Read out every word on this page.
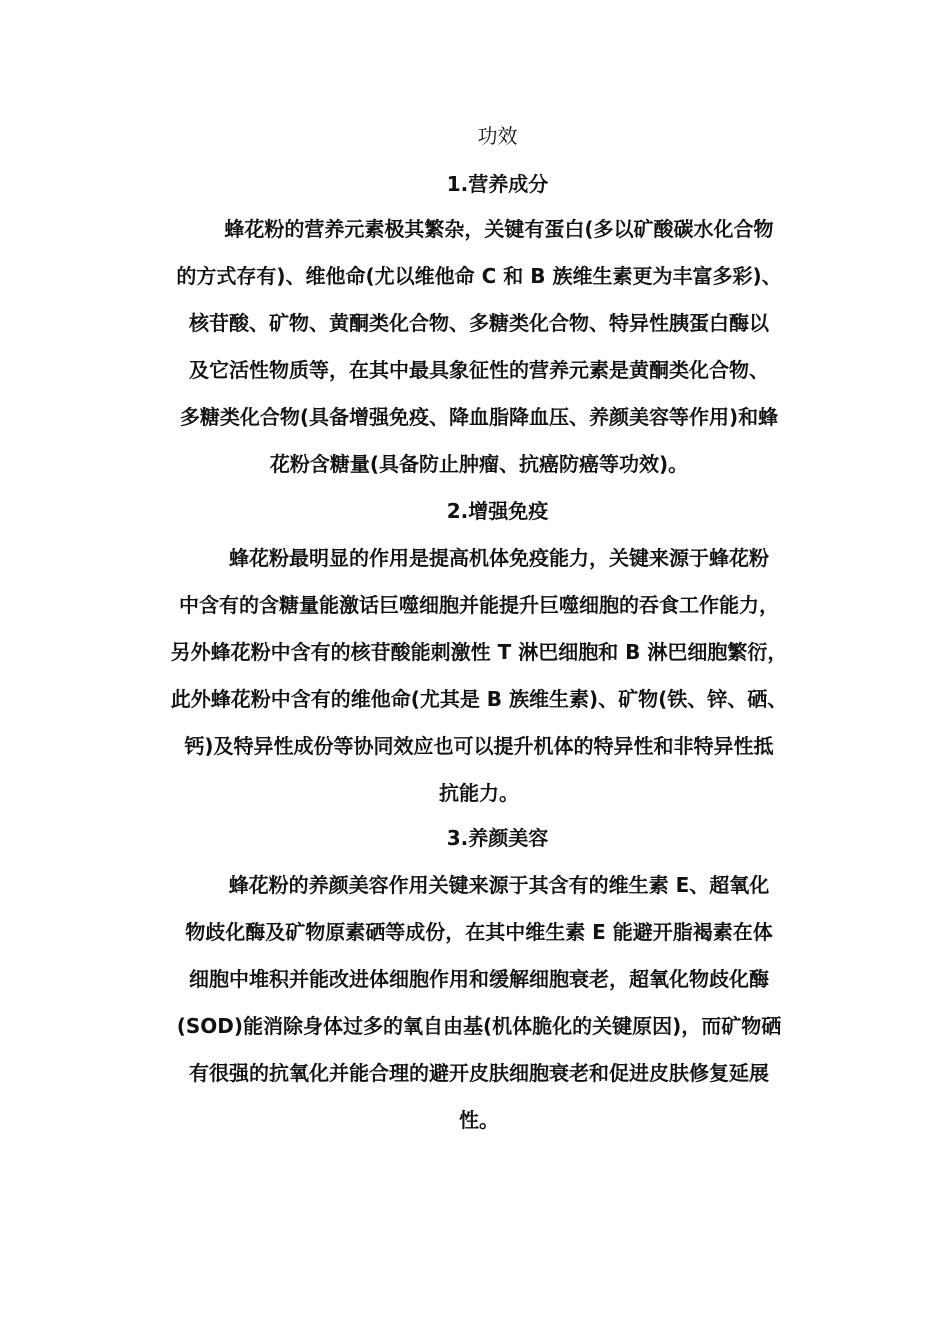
功效
1.营养成分
蜂花粉的营养元素极其繁杂，关键有蛋白(多以矿酸碳水化合物
的方式存有)、维他命(尤以维他命 C 和 B 族维生素更为丰富多彩)、
核苷酸、矿物、黄酮类化合物、多糖类化合物、特异性胰蛋白酶以
及它活性物质等，在其中最具象征性的营养元素是黄酮类化合物、
多糖类化合物(具备增强免疫、降血脂降血压、养颜美容等作用)和蜂
花粉含糖量(具备防止肿瘤、抗癌防癌等功效)。
2.增强免疫
蜂花粉最明显的作用是提高机体免疫能力，关键来源于蜂花粉
中含有的含糖量能激话巨噬细胞并能提升巨噬细胞的吞食工作能力，
另外蜂花粉中含有的核苷酸能刺激性 T 淋巴细胞和 B 淋巴细胞繁衍，
此外蜂花粉中含有的维他命(尤其是 B 族维生素)、矿物(铁、锌、硒、
钙)及特异性成份等协同效应也可以提升机体的特异性和非特异性抵
抗能力。
3.养颜美容
蜂花粉的养颜美容作用关键来源于其含有的维生素 E、超氧化
物歧化酶及矿物原素硒等成份，在其中维生素 E 能避开脂褐素在体
细胞中堆积并能改进体细胞作用和缓解细胞衰老，超氧化物歧化酶
(SOD)能消除身体过多的氧自由基(机体脆化的关键原因)，而矿物硒
有很强的抗氧化并能合理的避开皮肤细胞衰老和促进皮肤修复延展
性。
